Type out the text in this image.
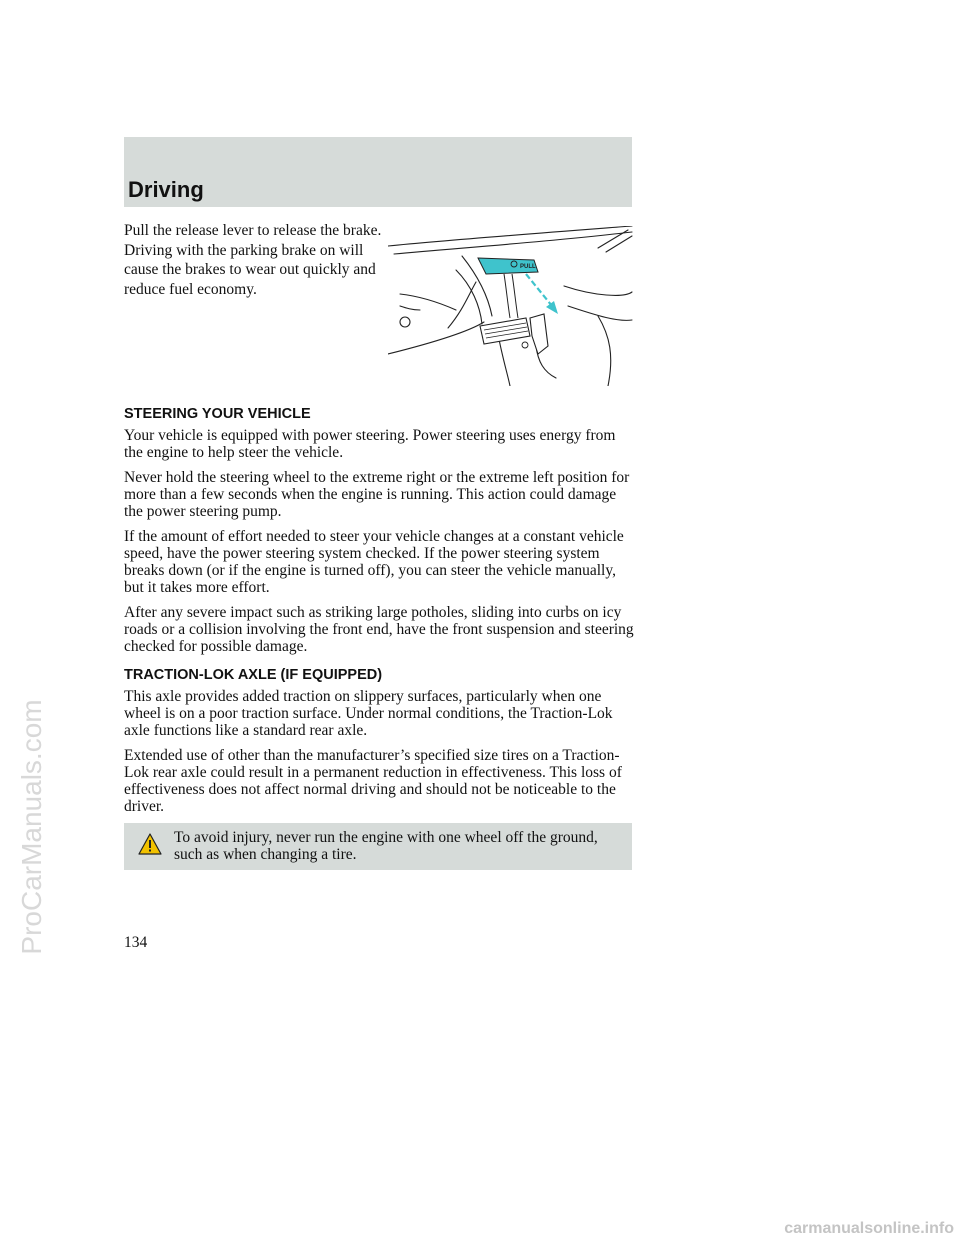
Driving
Pull the release lever to release the brake. Driving with the parking brake on will cause the brakes to wear out quickly and reduce fuel economy.
PULL
STEERING YOUR VEHICLE

Your vehicle is equipped with power steering. Power steering uses energy from the engine to help steer the vehicle.

Never hold the steering wheel to the extreme right or the extreme left position for more than a few seconds when the engine is running. This action could damage the power steering pump.

If the amount of effort needed to steer your vehicle changes at a constant vehicle speed, have the power steering system checked. If the power steering system breaks down (or if the engine is turned off), you can steer the vehicle manually, but it takes more effort.

After any severe impact such as striking large potholes, sliding into curbs on icy roads or a collision involving the front end, have the front suspension and steering checked for possible damage.

TRACTION-LOK AXLE (IF EQUIPPED)

This axle provides added traction on slippery surfaces, particularly when one wheel is on a poor traction surface. Under normal conditions, the Traction-Lok axle functions like a standard rear axle.

Extended use of other than the manufacturer’s specified size tires on a Traction-Lok rear axle could result in a permanent reduction in effectiveness. This loss of effectiveness does not affect normal driving and should not be noticeable to the driver.

To avoid injury, never run the engine with one wheel off the ground, such as when changing a tire.

134
ProCarManuals.com
carmanualsonline.info
